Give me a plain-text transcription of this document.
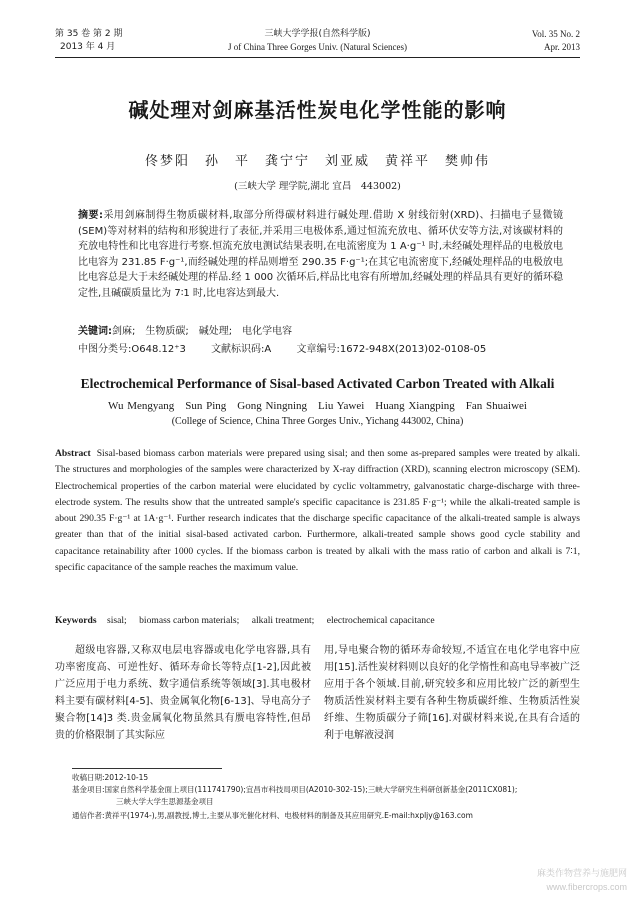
第 35 卷 第 2 期
2013 年 4 月
三峡大学学报(自然科学版)
J of China Three Gorges Univ. (Natural Sciences)
Vol. 35 No. 2
Apr. 2013
碱处理对剑麻基活性炭电化学性能的影响
佟梦阳　孙　平　龚宁宁　刘亚威　黄祥平　樊帅伟
(三峡大学 理学院,湖北 宜昌　443002)
摘要:采用剑麻制得生物质碳材料,取部分所得碳材料进行碱处理.借助 X 射线衍射(XRD)、扫描电子显微镜(SEM)等对材料的结构和形貌进行了表征,并采用三电极体系,通过恒流充放电、循环伏安等方法,对该碳材料的充放电特性和比电容进行考察.恒流充放电测试结果表明,在电流密度为 1 A·g⁻¹ 时,未经碱处理样品的电极放电比电容为 231.85 F·g⁻¹,而经碱处理的样品则增至 290.35 F·g⁻¹;在其它电流密度下,经碱处理样品的电极放电比电容总是大于未经碱处理的样品.经 1 000 次循环后,样品比电容有所增加,经碱处理的样品具有更好的循环稳定性,且碱碳质量比为 7∶1 时,比电容达到最大.
关键词:剑麻;　生物质碳;　碱处理;　电化学电容
中图分类号:O648.12⁺3	文献标识码:A	文章编号:1672-948X(2013)02-0108-05
Electrochemical Performance of Sisal-based Activated Carbon Treated with Alkali
Wu Mengyang　Sun Ping　Gong Ningning　Liu Yawei　Huang Xiangping　Fan Shuaiwei
(College of Science, China Three Gorges Univ., Yichang 443002, China)
Abstract Sisal-based biomass carbon materials were prepared using sisal; and then some as-prepared samples were treated by alkali. The structures and morphologies of the samples were characterized by X-ray diffraction (XRD), scanning electron microscopy (SEM). Electrochemical properties of the carbon material were elucidated by cyclic voltammetry, galvanostatic charge-discharge with three-electrode system. The results show that the untreated sample's specific capacitance is 231.85 F·g⁻¹; while the alkali-treated sample is about 290.35 F·g⁻¹ at 1A·g⁻¹. Further research indicates that the discharge specific capacitance of the alkali-treated sample is always greater than that of the initial sisal-based activated carbon. Furthermore, alkali-treated sample shows good cycle stability and capacitance retainability after 1000 cycles. If the biomass carbon is treated by alkali with the mass ratio of carbon and alkali is 7∶1, specific capacitance of the sample reaches the maximum value.
Keywords sisal; biomass carbon materials; alkali treatment; electrochemical capacitance
超级电容器,又称双电层电容器或电化学电容器,具有功率密度高、可逆性好、循环寿命长等特点[1-2],因此被广泛应用于电力系统、数字通信系统等领域[3].其电极材料主要有碳材料[4-5]、贵金属氧化物[6-13]、导电高分子聚合物[14]3 类.贵金属氧化物虽然具有赝电容特性,但昂贵的价格限制了其实际应
用,导电聚合物的循环寿命较短,不适宜在电化学电容中应用[15].活性炭材料则以良好的化学惰性和高电导率被广泛应用于各个领域.目前,研究较多和应用比较广泛的新型生物质活性炭材料主要有各种生物质碳纤维、生物质活性炭纤维、生物质碳分子筛[16].对碳材料来说,在具有合适的利于电解液浸润
收稿日期:2012-10-15
基金项目:国家自然科学基金面上项目(111741790);宜昌市科技局项目(A2010-302-15);三峡大学研究生科研创新基金(2011CX081);
三峡大学大学生思源基金项目
通信作者:黄祥平(1974-),男,副教授,博士,主要从事光催化材料、电极材料的制备及其应用研究.E-mail:hxpljy@163.com
麻类作物营养与施肥网
www.fibercrops.com
